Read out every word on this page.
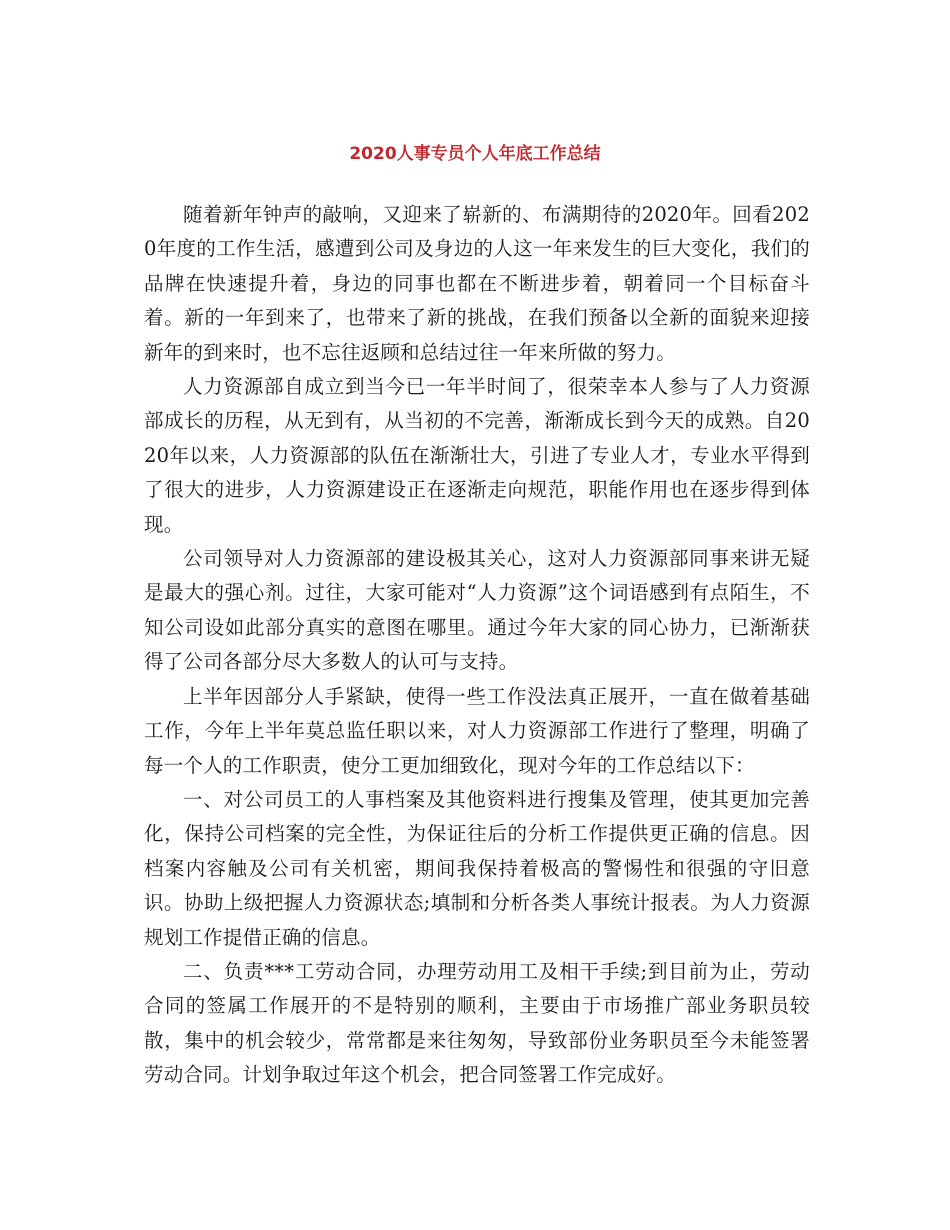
2020人事专员个人年底工作总结

随着新年钟声的敲响，又迎来了崭新的、布满期待的2020年。回看2020年度的工作生活，感遭到公司及身边的人这一年来发生的巨大变化，我们的品牌在快速提升着，身边的同事也都在不断进步着，朝着同一个目标奋斗着。新的一年到来了，也带来了新的挑战，在我们预备以全新的面貌来迎接新年的到来时，也不忘往返顾和总结过往一年来所做的努力。

人力资源部自成立到当今已一年半时间了，很荣幸本人参与了人力资源部成长的历程，从无到有，从当初的不完善，渐渐成长到今天的成熟。自2020年以来，人力资源部的队伍在渐渐壮大，引进了专业人才，专业水平得到了很大的进步，人力资源建设正在逐渐走向规范，职能作用也在逐步得到体现。

公司领导对人力资源部的建设极其关心，这对人力资源部同事来讲无疑是最大的强心剂。过往，大家可能对“人力资源”这个词语感到有点陌生，不知公司设如此部分真实的意图在哪里。通过今年大家的同心协力，已渐渐获得了公司各部分尽大多数人的认可与支持。

上半年因部分人手紧缺，使得一些工作没法真正展开，一直在做着基础工作，今年上半年莫总监任职以来，对人力资源部工作进行了整理，明确了每一个人的工作职责，使分工更加细致化，现对今年的工作总结以下：

一、对公司员工的人事档案及其他资料进行搜集及管理，使其更加完善化，保持公司档案的完全性，为保证往后的分析工作提供更正确的信息。因档案内容触及公司有关机密，期间我保持着极高的警惕性和很强的守旧意识。协助上级把握人力资源状态;填制和分析各类人事统计报表。为人力资源规划工作提借正确的信息。

二、负责***工劳动合同，办理劳动用工及相干手续;到目前为止，劳动合同的签属工作展开的不是特别的顺利，主要由于市场推广部业务职员较散，集中的机会较少，常常都是来往匆匆，导致部份业务职员至今未能签署劳动合同。计划争取过年这个机会，把合同签署工作完成好。
